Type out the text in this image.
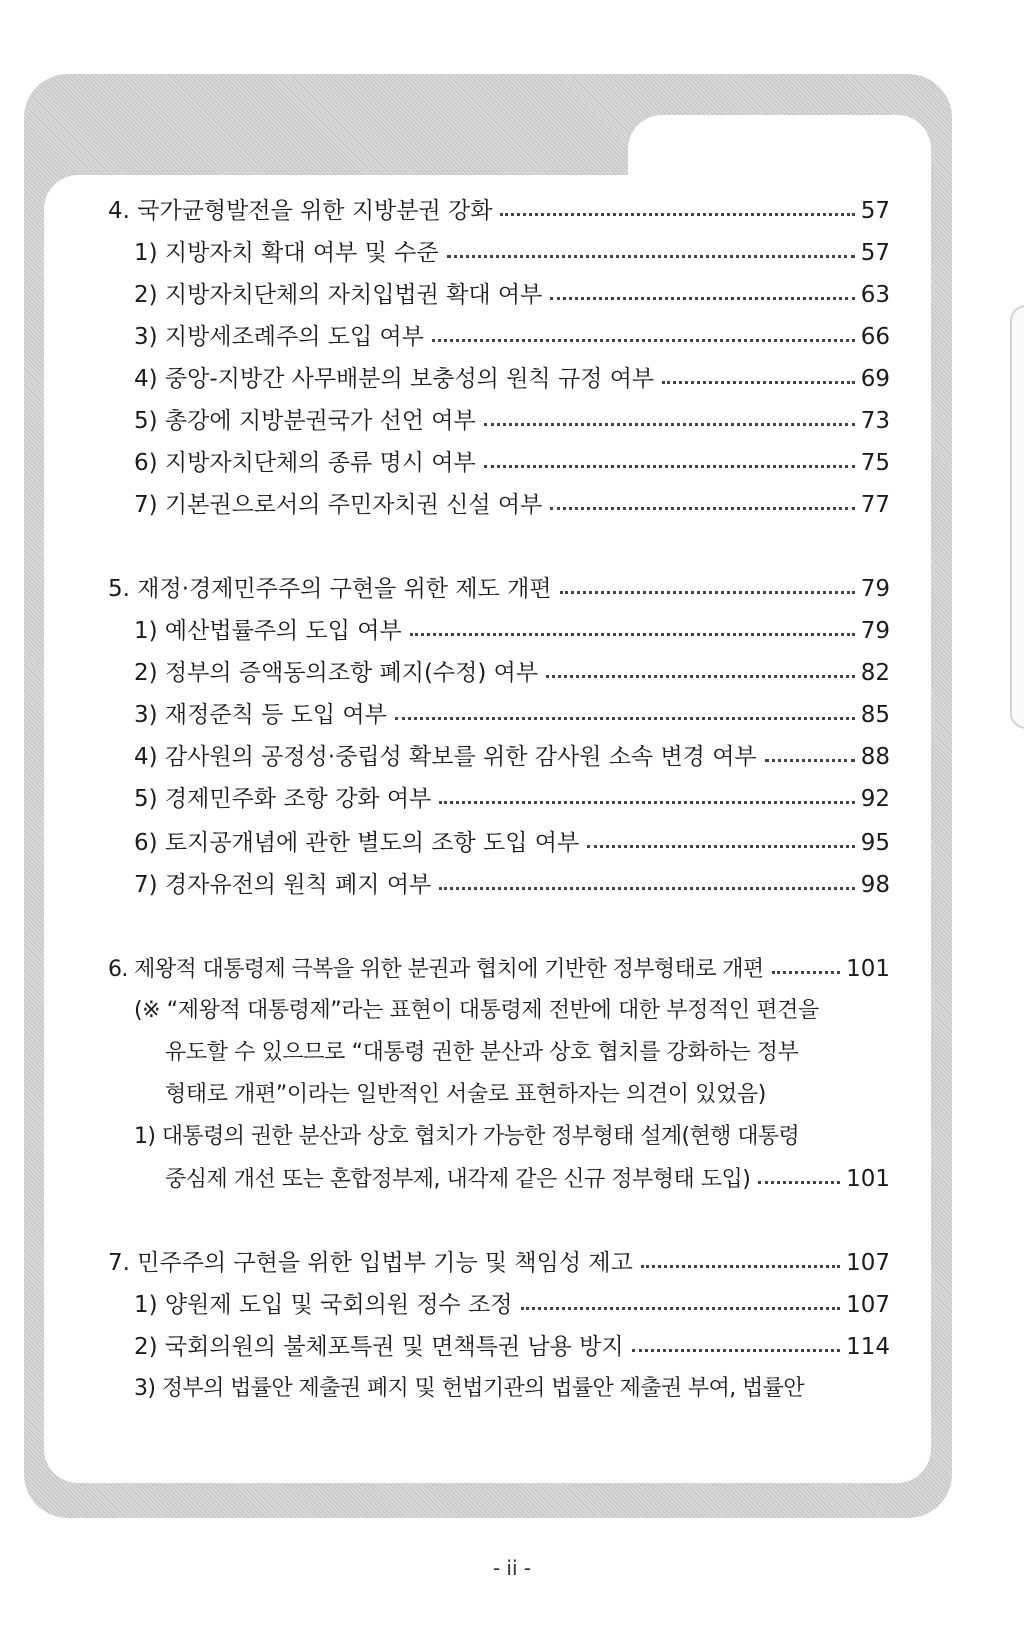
4. 국가균형발전을 위한 지방분권 강화	57
1) 지방자치 확대 여부 및 수준	57
2) 지방자치단체의 자치입법권 확대 여부	63
3) 지방세조례주의 도입 여부	66
4) 중앙-지방간 사무배분의 보충성의 원칙 규정 여부	69
5) 총강에 지방분권국가 선언 여부	73
6) 지방자치단체의 종류 명시 여부	75
7) 기본권으로서의 주민자치권 신설 여부	77
5. 재정·경제민주주의 구현을 위한 제도 개편	79
1) 예산법률주의 도입 여부	79
2) 정부의 증액동의조항 폐지(수정) 여부	82
3) 재정준칙 등 도입 여부	85
4) 감사원의 공정성·중립성 확보를 위한 감사원 소속 변경 여부	88
5) 경제민주화 조항 강화 여부	92
6) 토지공개념에 관한 별도의 조항 도입 여부	95
7) 경자유전의 원칙 폐지 여부	98
6. 제왕적 대통령제 극복을 위한 분권과 협치에 기반한 정부형태로 개편	101
(※ “제왕적 대통령제”라는 표현이 대통령제 전반에 대한 부정적인 편견을
유도할 수 있으므로 “대통령 권한 분산과 상호 협치를 강화하는 정부
형태로 개편”이라는 일반적인 서술로 표현하자는 의견이 있었음)
1) 대통령의 권한 분산과 상호 협치가 가능한 정부형태 설계(현행 대통령
중심제 개선 또는 혼합정부제, 내각제 같은 신규 정부형태 도입)	101
7. 민주주의 구현을 위한 입법부 기능 및 책임성 제고	107
1) 양원제 도입 및 국회의원 정수 조정	107
2) 국회의원의 불체포특권 및 면책특권 남용 방지	114
3) 정부의 법률안 제출권 폐지 및 헌법기관의 법률안 제출권 부여, 법률안
- ii -
